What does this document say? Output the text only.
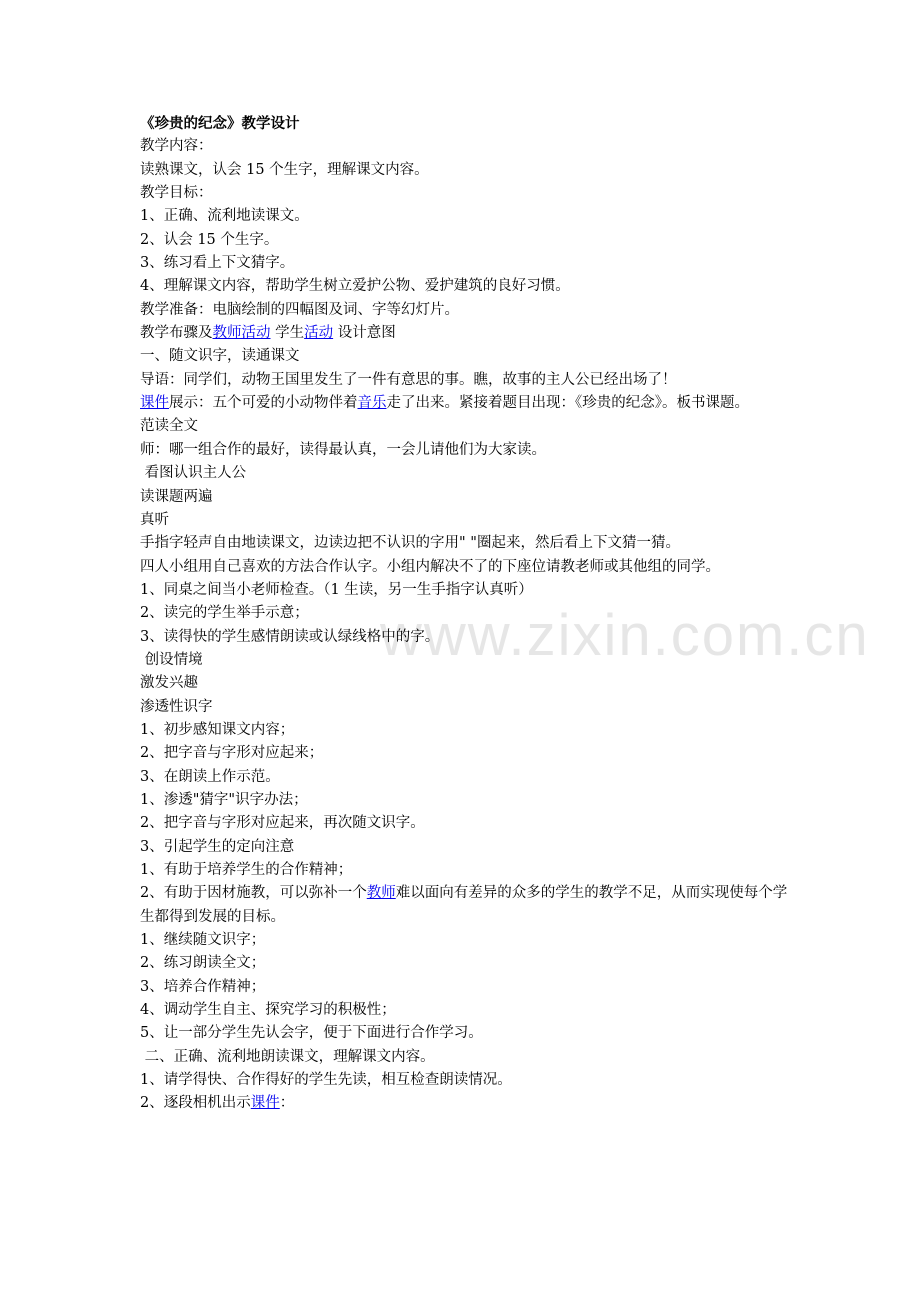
www.zixin.com.cn
《珍贵的纪念》教学设计
教学内容：
读熟课文，认会 15 个生字，理解课文内容。
教学目标：
1、正确、流利地读课文。
2、认会 15 个生字。
3、练习看上下文猜字。
4、理解课文内容，帮助学生树立爱护公物、爱护建筑的良好习惯。
教学准备：电脑绘制的四幅图及词、字等幻灯片。
教学布骤及教师活动 学生活动 设计意图
一、随文识字，读通课文
导语：同学们，动物王国里发生了一件有意思的事。瞧，故事的主人公已经出场了！
课件展示：五个可爱的小动物伴着音乐走了出来。紧接着题目出现：《珍贵的纪念》。板书课题。
范读全文
师：哪一组合作的最好，读得最认真，一会儿请他们为大家读。
看图认识主人公
读课题两遍
真听
手指字轻声自由地读课文，边读边把不认识的字用" "圈起来，然后看上下文猜一猜。
四人小组用自己喜欢的方法合作认字。小组内解决不了的下座位请教老师或其他组的同学。
1、同桌之间当小老师检查。（1 生读，另一生手指字认真听）
2、读完的学生举手示意；
3、读得快的学生感情朗读或认绿线格中的字。
创设情境
激发兴趣
渗透性识字
1、初步感知课文内容；
2、把字音与字形对应起来；
3、在朗读上作示范。
1、渗透"猜字"识字办法；
2、把字音与字形对应起来，再次随文识字。
3、引起学生的定向注意
1、有助于培养学生的合作精神；
2、有助于因材施教，可以弥补一个教师难以面向有差异的众多的学生的教学不足，从而实现使每个学生都得到发展的目标。
1、继续随文识字；
2、练习朗读全文；
3、培养合作精神；
4、调动学生自主、探究学习的积极性；
5、让一部分学生先认会字，便于下面进行合作学习。
二、正确、流利地朗读课文，理解课文内容。
1、请学得快、合作得好的学生先读，相互检查朗读情况。
2、逐段相机出示课件：
